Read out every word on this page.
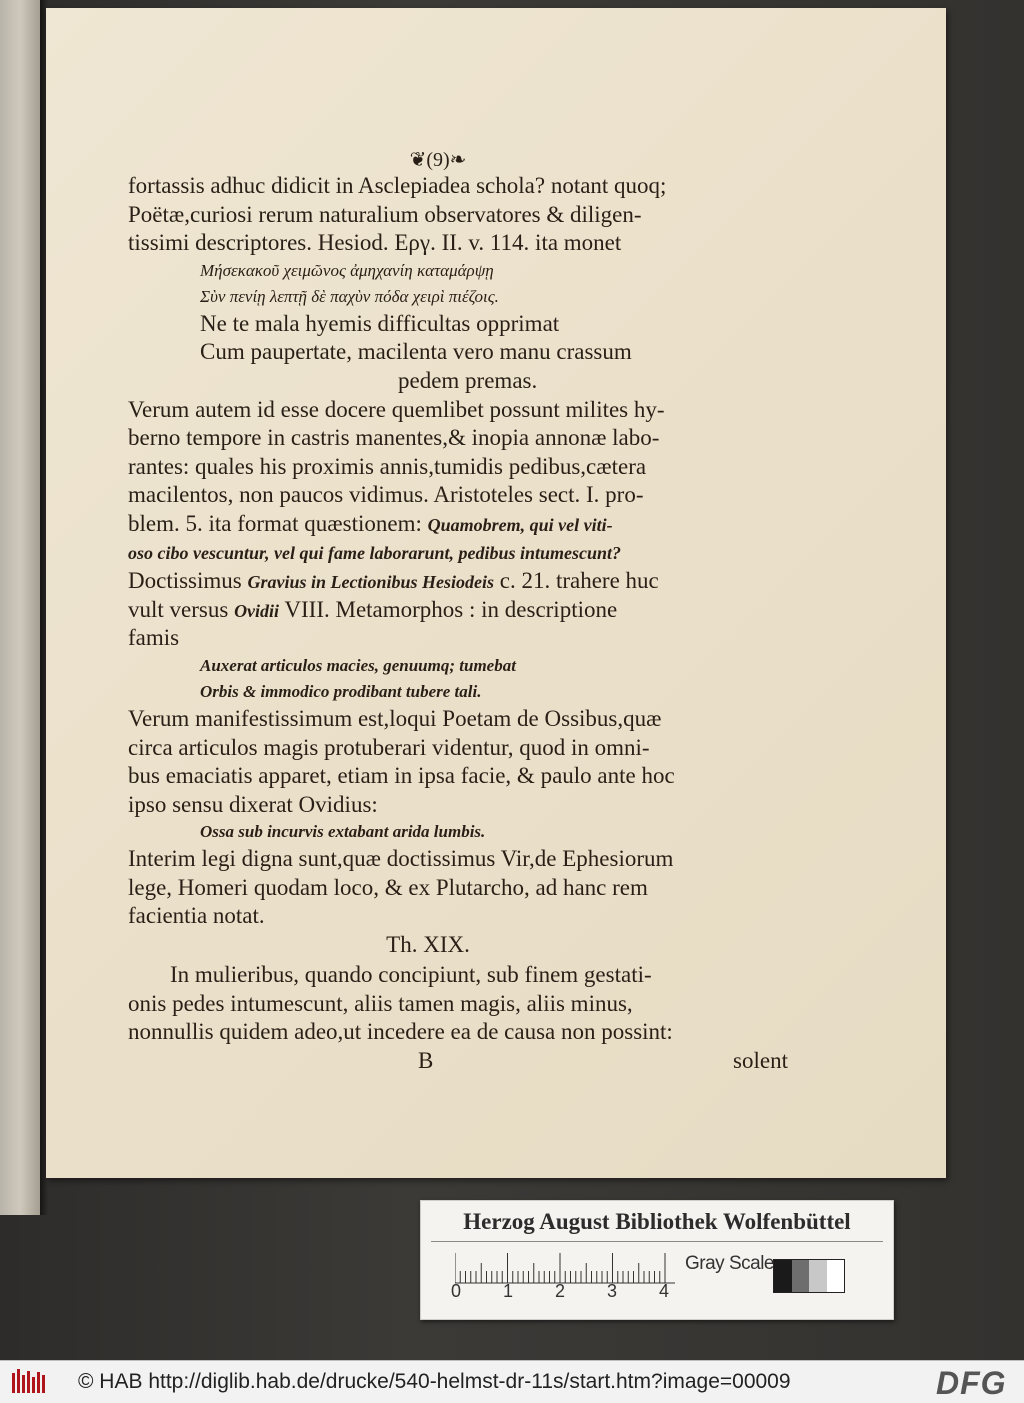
❦(9)❧
fortassis adhuc didicit in Asclepiadea schola? notant quoq;
Poëtæ,curiosi rerum naturalium observatores & diligen-
tissimi descriptores. Hesiod. Εργ. II. v. 114. ita monet
Μήσεκακοῦ χειμῶνος ἀμηχανίη καταμάρψῃ
Σὺν πενίῃ λεπτῇ δὲ παχὺν πόδα χειρὶ πιέζοις.
Ne te mala hyemis difficultas opprimat
Cum paupertate, macilenta vero manu crassum
pedem premas.
Verum autem id esse docere quemlibet possunt milites hy-
berno tempore in castris manentes,& inopia annonæ labo-
rantes: quales his proximis annis,tumidis pedibus,cætera
macilentos, non paucos vidimus. Aristoteles sect. I. pro-
blem. 5. ita format quæstionem: Quamobrem, qui vel viti-
oso cibo vescuntur, vel qui fame laborarunt, pedibus intumescunt?
Doctissimus Gravius in Lectionibus Hesiodeis c. 21. trahere huc
vult versus Ovidii VIII. Metamorphos : in descriptione
famis
Auxerat articulos macies, genuumq; tumebat
Orbis & immodico prodibant tubere tali.
Verum manifestissimum est,loqui Poetam de Ossibus,quæ
circa articulos magis protuberari videntur, quod in omni-
bus emaciatis apparet, etiam in ipsa facie, & paulo ante hoc
ipso sensu dixerat Ovidius:
Ossa sub incurvis extabant arida lumbis.
Interim legi digna sunt,quæ doctissimus Vir,de Ephesiorum
lege, Homeri quodam loco, & ex Plutarcho, ad hanc rem
facientia notat.
Th. XIX.
In mulieribus, quando concipiunt, sub finem gestati-
onis pedes intumescunt, aliis tamen magis, aliis minus,
nonnullis quidem adeo,ut incedere ea de causa non possint:
B	solent
Herzog August Bibliothek Wolfenbüttel
0 1 2 3 4
Gray Scale
© HAB http://diglib.hab.de/drucke/540-helmst-dr-11s/start.htm?image=00009	DFG
